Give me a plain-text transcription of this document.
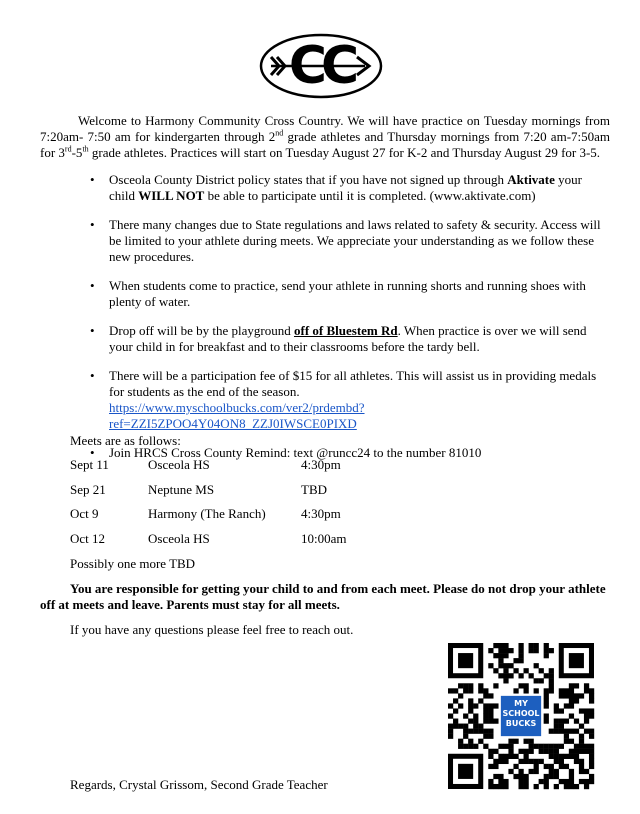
CC
Welcome to Harmony Community Cross Country. We will have practice on Tuesday mornings from 7:20am- 7:50 am for kindergarten through 2nd grade athletes and Thursday mornings from 7:20 am-7:50am for 3rd-5th grade athletes. Practices will start on Tuesday August 27 for K-2 and Thursday August 29 for 3-5.
• Osceola County District policy states that if you have not signed up through Aktivate your child WILL NOT be able to participate until it is completed. (www.aktivate.com)
• There many changes due to State regulations and laws related to safety & security. Access will be limited to your athlete during meets. We appreciate your understanding as we follow these new procedures.
• When students come to practice, send your athlete in running shorts and running shoes with plenty of water.
• Drop off will be by the playground off of Bluestem Rd. When practice is over we will send your child in for breakfast and to their classrooms before the tardy bell.
• There will be a participation fee of $15 for all athletes. This will assist us in providing medals for students as the end of the season.
https://www.myschoolbucks.com/ver2/prdembd?ref=ZZI5ZPOO4Y04ON8_ZZJ0IWSCE0PIXD
• Join HRCS Cross County Remind: text @runcc24 to the number 81010
Meets are as follows:
Sept 11	Osceola HS	4:30pm
Sep 21	Neptune MS	TBD
Oct 9	Harmony (The Ranch)	4:30pm
Oct 12	Osceola HS	10:00am
Possibly one more TBD
You are responsible for getting your child to and from each meet. Please do not drop your athlete off at meets and leave. Parents must stay for all meets.
If you have any questions please feel free to reach out.
MY
SCHOOL
BUCKS
Regards, Crystal Grissom, Second Grade Teacher
